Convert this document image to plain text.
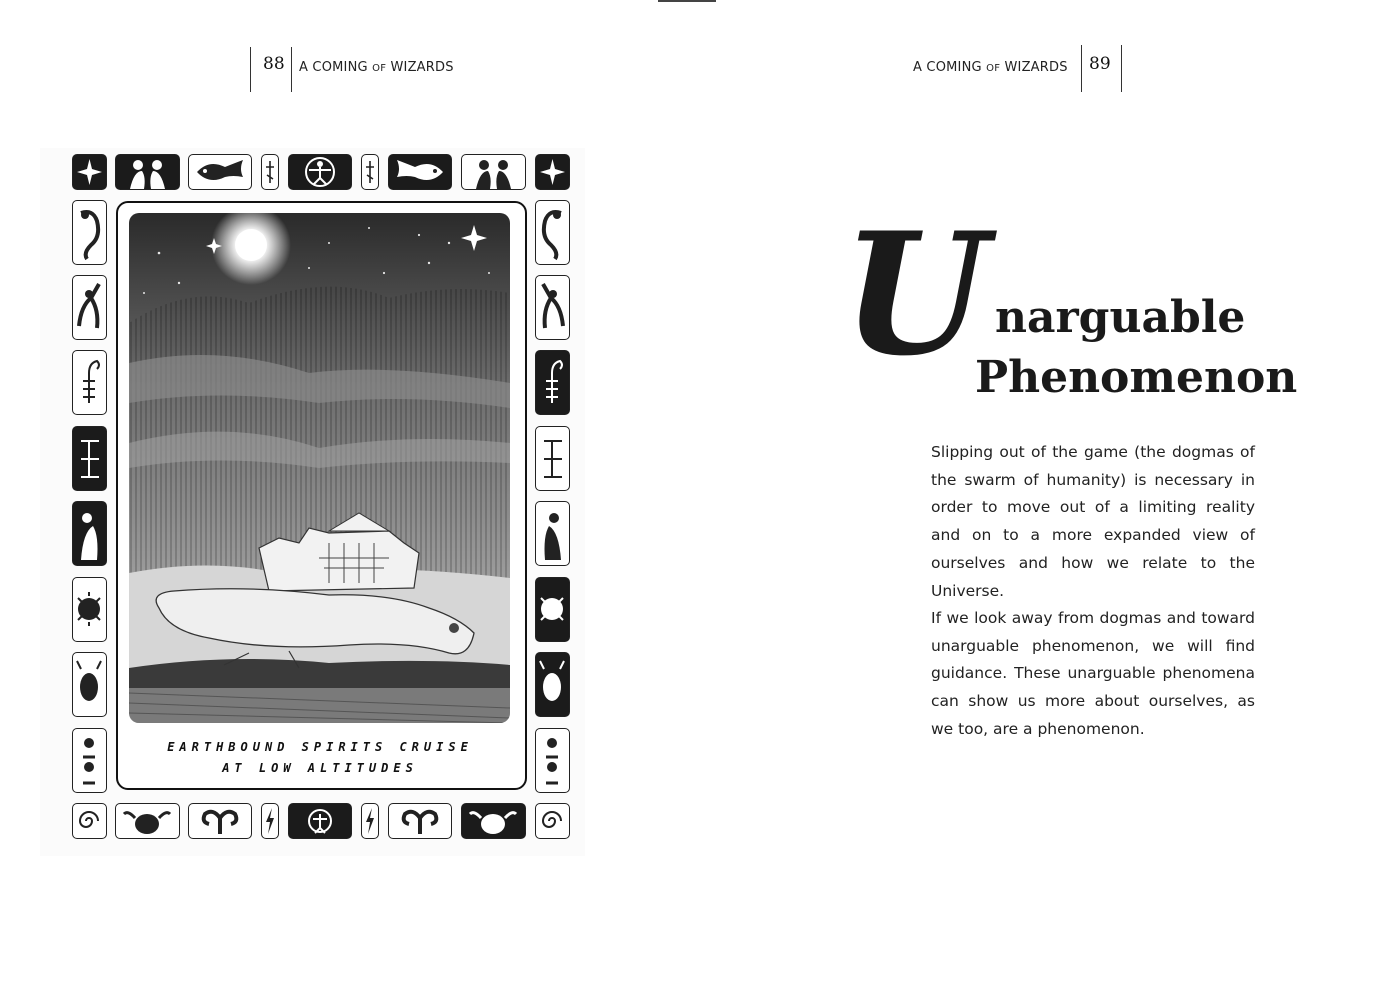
88 A COMING OF WIZARDS	A COMING OF WIZARDS 89
EARTHBOUND SPIRITS CRUISE
AT LOW ALTITUDES
U narguable
Phenomenon

Slipping out of the game (the dogmas of the swarm of humanity) is necessary in order to move out of a limiting reality and on to a more expanded view of ourselves and how we relate to the Universe.

If we look away from dogmas and toward unarguable phenomenon, we will find guidance. These unarguable phenomena can show us more about ourselves, as we too, are a phenomenon.
